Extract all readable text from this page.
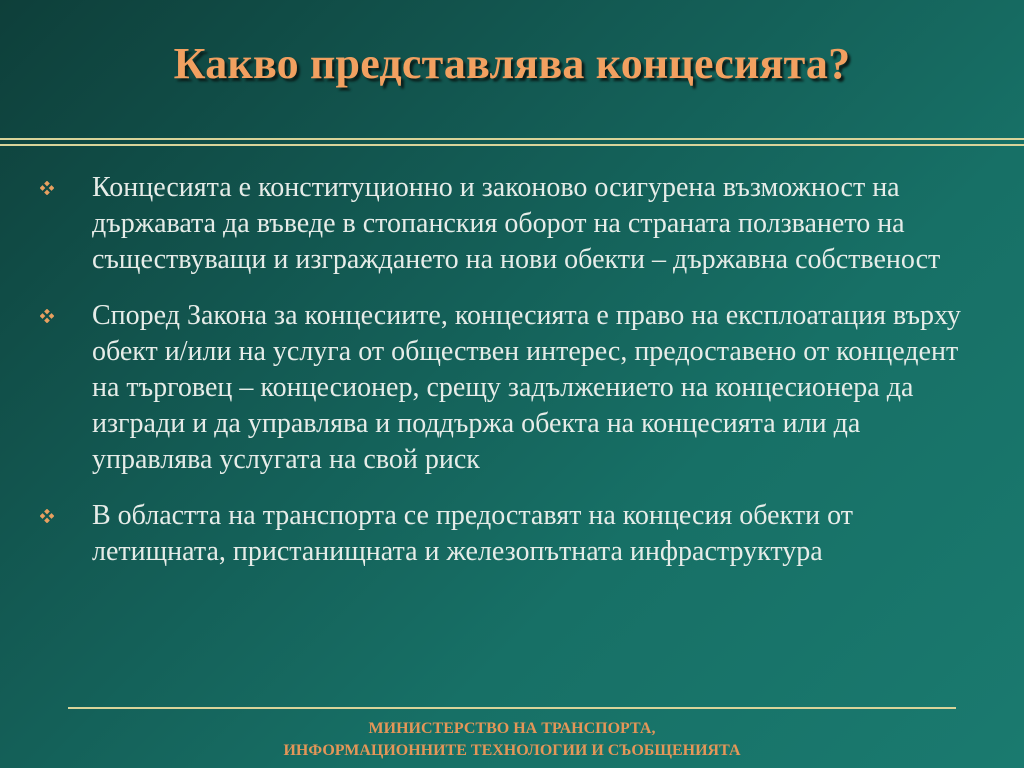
Какво представлява концесията?
Концесията е конституционно и законово осигурена възможност на държавата да въведе в стопанския оборот на страната ползването на съществуващи и изграждането на нови обекти – държавна собственост
Според Закона за концесиите, концесията е право на експлоатация върху обект и/или на услуга от обществен интерес, предоставено от концедент на търговец – концесионер, срещу задължението на концесионера да изгради и да управлява и поддържа обекта на концесията или да управлява услугата на свой риск
В областта на транспорта се предоставят на концесия обекти от летищната, пристанищната и железопътната инфраструктура
МИНИСТЕРСТВО НА ТРАНСПОРТА,
ИНФОРМАЦИОННИТЕ ТЕХНОЛОГИИ И СЪОБЩЕНИЯТА
